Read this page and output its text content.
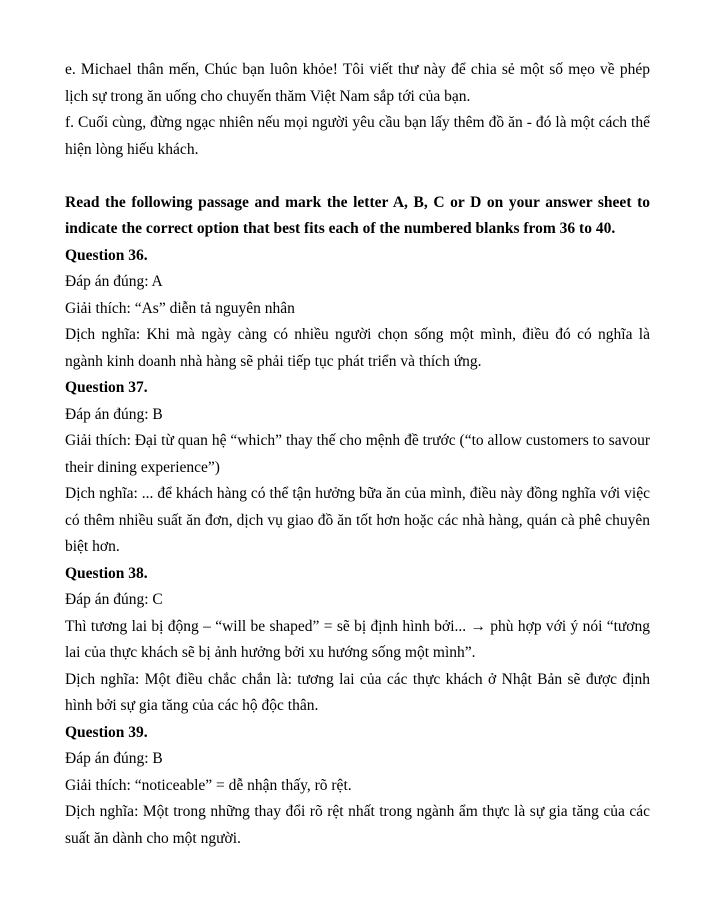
e. Michael thân mến, Chúc bạn luôn khỏe! Tôi viết thư này để chia sẻ một số mẹo về phép lịch sự trong ăn uống cho chuyến thăm Việt Nam sắp tới của bạn.

f. Cuối cùng, đừng ngạc nhiên nếu mọi người yêu cầu bạn lấy thêm đồ ăn - đó là một cách thể hiện lòng hiếu khách.

Read the following passage and mark the letter A, B, C or D on your answer sheet to indicate the correct option that best fits each of the numbered blanks from 36 to 40.

Question 36.

Đáp án đúng: A

Giải thích: “As” diễn tả nguyên nhân

Dịch nghĩa: Khi mà ngày càng có nhiều người chọn sống một mình, điều đó có nghĩa là ngành kinh doanh nhà hàng sẽ phải tiếp tục phát triển và thích ứng.

Question 37.

Đáp án đúng: B

Giải thích: Đại từ quan hệ “which” thay thế cho mệnh đề trước (“to allow customers to savour their dining experience”)

Dịch nghĩa: ... để khách hàng có thể tận hưởng bữa ăn của mình, điều này đồng nghĩa với việc có thêm nhiều suất ăn đơn, dịch vụ giao đồ ăn tốt hơn hoặc các nhà hàng, quán cà phê chuyên biệt hơn.

Question 38.

Đáp án đúng: C

Thì tương lai bị động – “will be shaped” = sẽ bị định hình bởi... → phù hợp với ý nói “tương lai của thực khách sẽ bị ảnh hưởng bởi xu hướng sống một mình”.

Dịch nghĩa: Một điều chắc chắn là: tương lai của các thực khách ở Nhật Bản sẽ được định hình bởi sự gia tăng của các hộ độc thân.

Question 39.

Đáp án đúng: B

Giải thích: “noticeable” = dễ nhận thấy, rõ rệt.

Dịch nghĩa: Một trong những thay đổi rõ rệt nhất trong ngành ẩm thực là sự gia tăng của các suất ăn dành cho một người.
